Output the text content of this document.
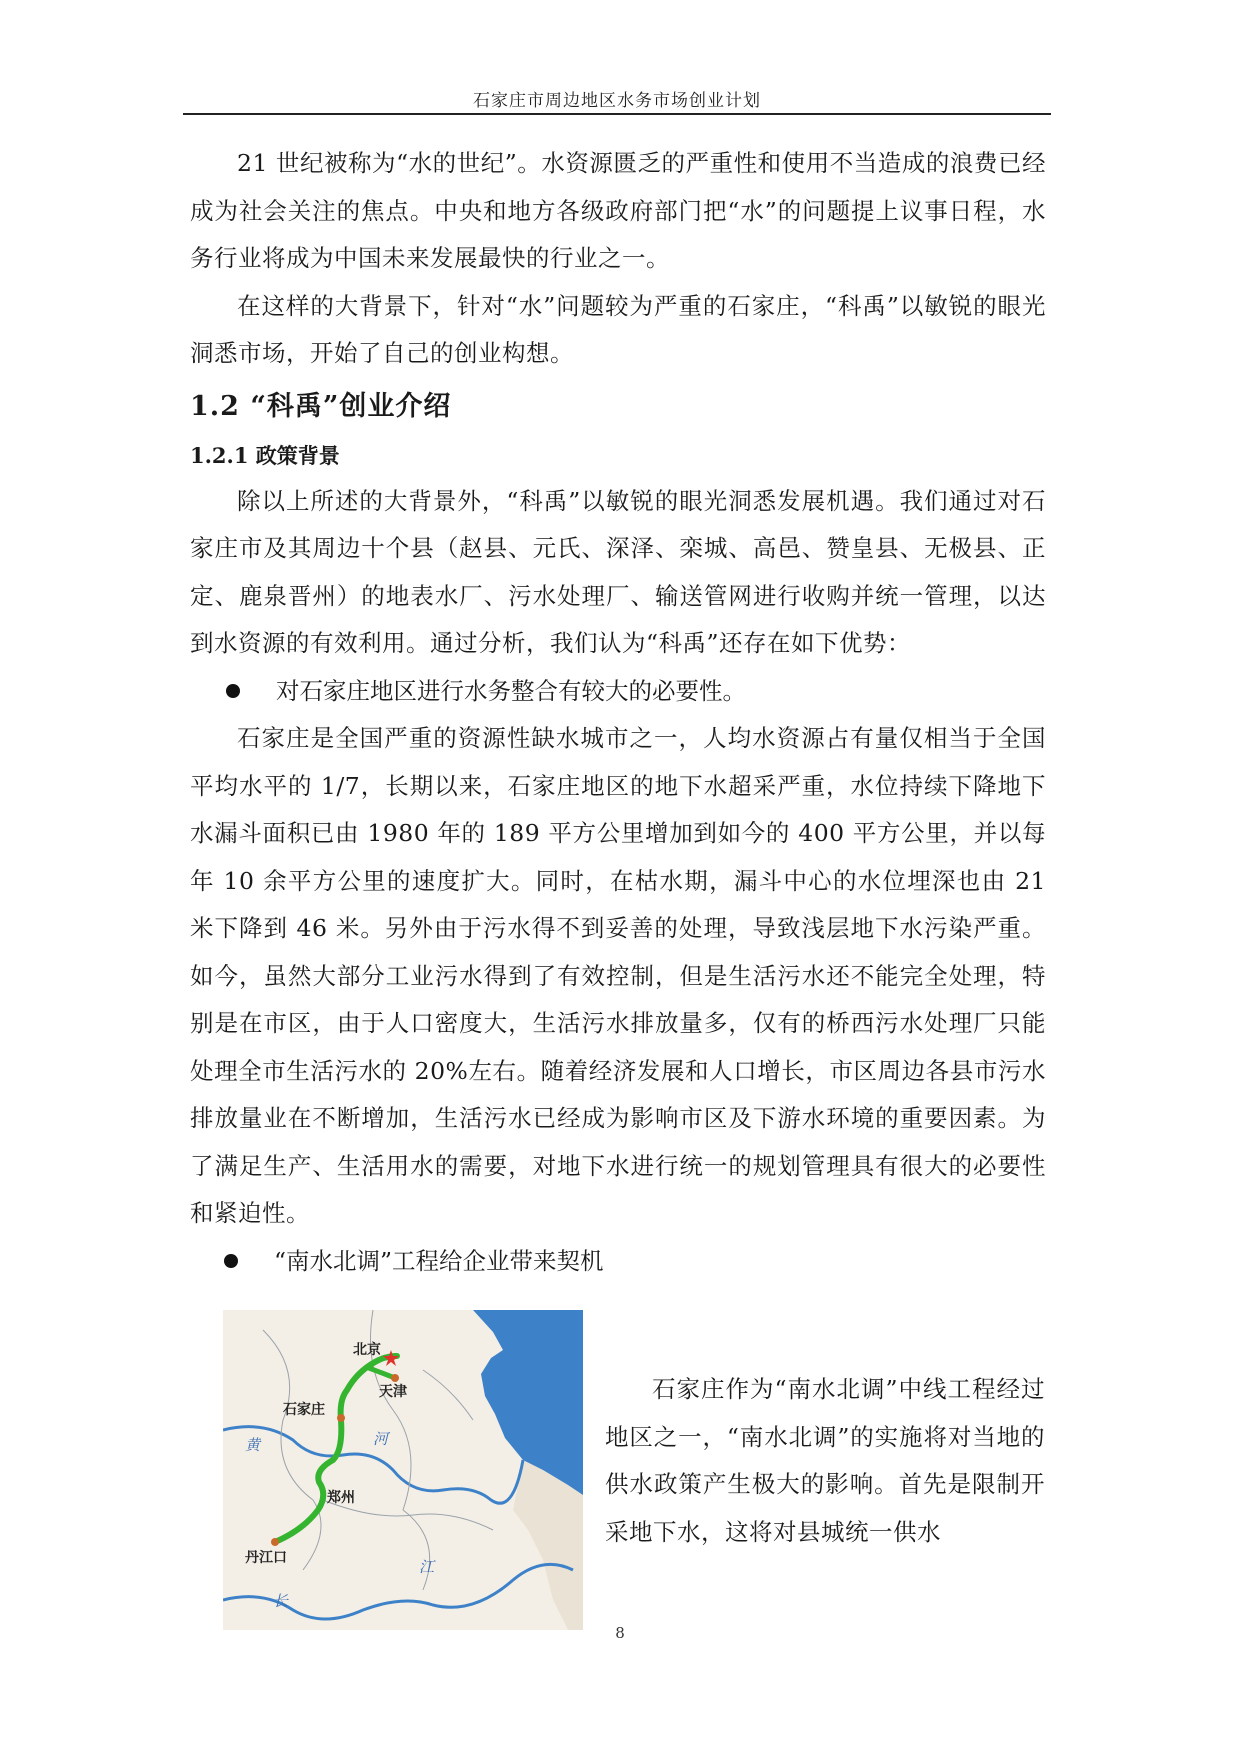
石家庄市周边地区水务市场创业计划

21 世纪被称为“水的世纪”。水资源匮乏的严重性和使用不当造成的浪费已经成为社会关注的焦点。中央和地方各级政府部门把“水”的问题提上议事日程，水务行业将成为中国未来发展最快的行业之一。

在这样的大背景下，针对“水”问题较为严重的石家庄，“科禹”以敏锐的眼光洞悉市场，开始了自己的创业构想。

1.2 “科禹”创业介绍
1.2.1 政策背景

除以上所述的大背景外，“科禹”以敏锐的眼光洞悉发展机遇。我们通过对石家庄市及其周边十个县（赵县、元氏、深泽、栾城、高邑、赞皇县、无极县、正定、鹿泉晋州）的地表水厂、污水处理厂、输送管网进行收购并统一管理，以达到水资源的有效利用。通过分析，我们认为“科禹”还存在如下优势：

对石家庄地区进行水务整合有较大的必要性。

石家庄是全国严重的资源性缺水城市之一，人均水资源占有量仅相当于全国平均水平的 1/7，长期以来，石家庄地区的地下水超采严重，水位持续下降地下水漏斗面积已由 1980 年的 189 平方公里增加到如今的 400 平方公里，并以每年 10 余平方公里的速度扩大。同时，在枯水期，漏斗中心的水位埋深也由 21 米下降到 46 米。另外由于污水得不到妥善的处理，导致浅层地下水污染严重。如今，虽然大部分工业污水得到了有效控制，但是生活污水还不能完全处理，特别是在市区，由于人口密度大，生活污水排放量多，仅有的桥西污水处理厂只能处理全市生活污水的 20%左右。随着经济发展和人口增长，市区周边各县市污水排放量业在不断增加，生活污水已经成为影响市区及下游水环境的重要因素。为了满足生产、生活用水的需要，对地下水进行统一的规划管理具有很大的必要性和紧迫性。

“南水北调”工程给企业带来契机
北京
天津
石家庄
郑州
丹江口
黄	河
长
江

石家庄作为“南水北调”中线工程经过地区之一，“南水北调”的实施将对当地的供水政策产生极大的影响。首先是限制开采地下水，这将对县城统一供水

8
